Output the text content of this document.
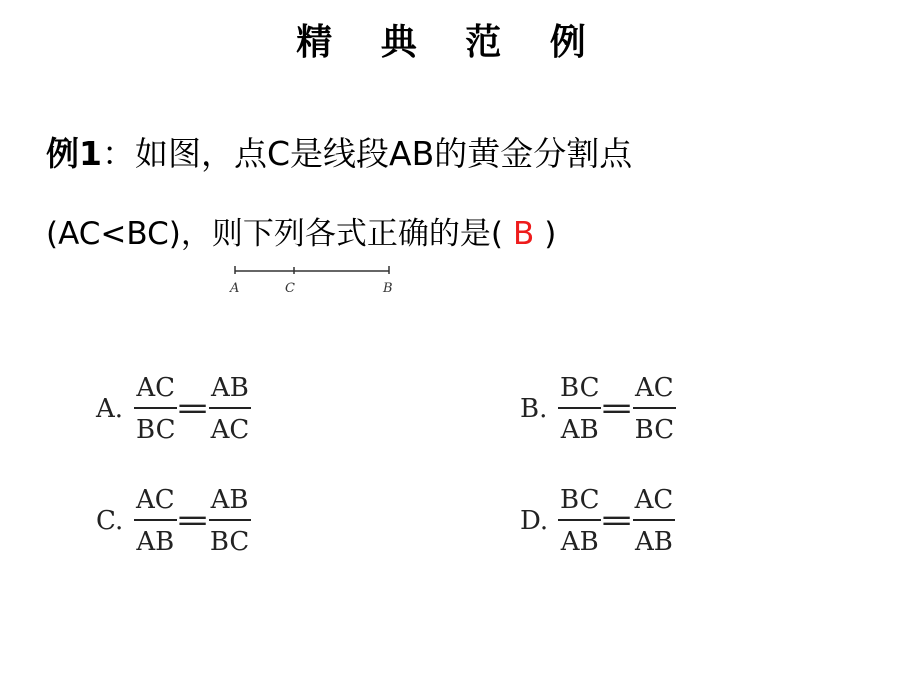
精 典 范 例
例1：如图，点C是线段AB的黄金分割点
(AC<BC)，则下列各式正确的是( B )
A	C	B
A. $\frac{AC}{BC}$
=
$\frac{AB}{AC}$	B. $\frac{BC}{AB}$
=
$\frac{AC}{BC}$
C. $\frac{AC}{AB}$
=
$\frac{AB}{BC}$	D. $\frac{BC}{AB}$
=
$\frac{AC}{AB}$
